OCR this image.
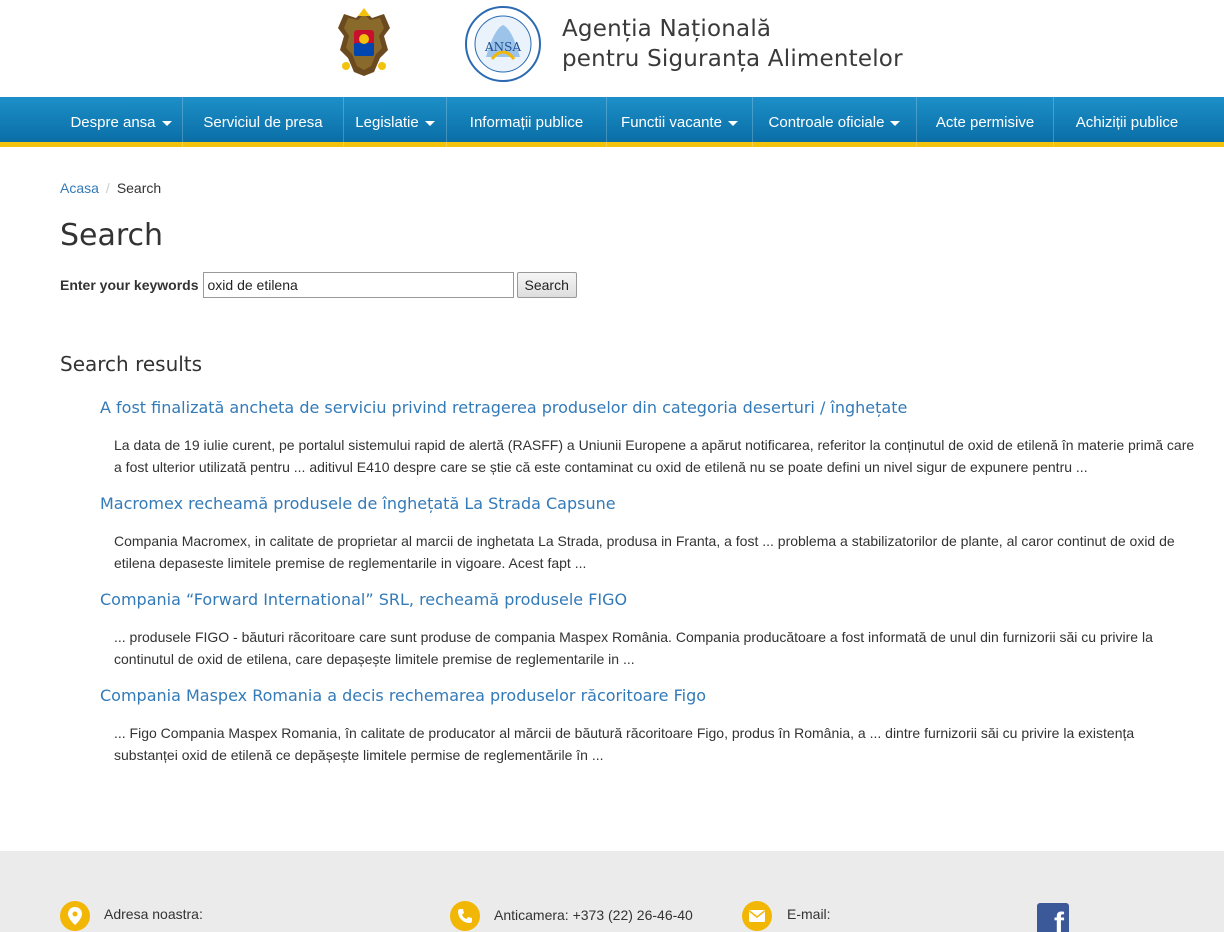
ANSA
Agenția Națională
pentru Siguranța Alimentelor
Despre ansa	Serviciul de presa Legislatie	Informații publice	Functii vacante	Controale oficiale	Acte permisive	Achiziții publice
Acasa / Search
Search
Enter your keywords
oxid de etilena	Search
Search results
A fost finalizată ancheta de serviciu privind retragerea produselor din categoria deserturi / înghețate
La data de 19 iulie curent, pe portalul sistemului rapid de alertă (RASFF) a Uniunii Europene a apărut notificarea, referitor la conținutul de oxid de etilenă în materie primă care a fost ulterior utilizată pentru ... aditivul E410 despre care se știe că este contaminat cu oxid de etilenă nu se poate defini un nivel sigur de expunere pentru ...
Macromex recheamă produsele de înghețată La Strada Capsune
Compania Macromex, in calitate de proprietar al marcii de inghetata La Strada, produsa in Franta, a fost ... problema a stabilizatorilor de plante, al caror continut de oxid de etilena depaseste limitele premise de reglementarile in vigoare. Acest fapt ...
Compania “Forward International” SRL, recheamă produsele FIGO
... produsele FIGO - băuturi răcoritoare care sunt produse de compania Maspex România. Compania producătoare a fost informată de unul din furnizorii săi cu privire la continutul de oxid de etilena, care depașește limitele premise de reglementarile in ...
Compania Maspex Romania a decis rechemarea produselor răcoritoare Figo
... Figo Compania Maspex Romania, în calitate de producator al mărcii de băutură răcoritoare Figo, produs în România, a ... dintre furnizorii săi cu privire la existența substanței oxid de etilenă ce depășește limitele permise de reglementările în ...
Adresa noastra:	Anticamera: +373 (22) 26-46-40	E-mail:	f
